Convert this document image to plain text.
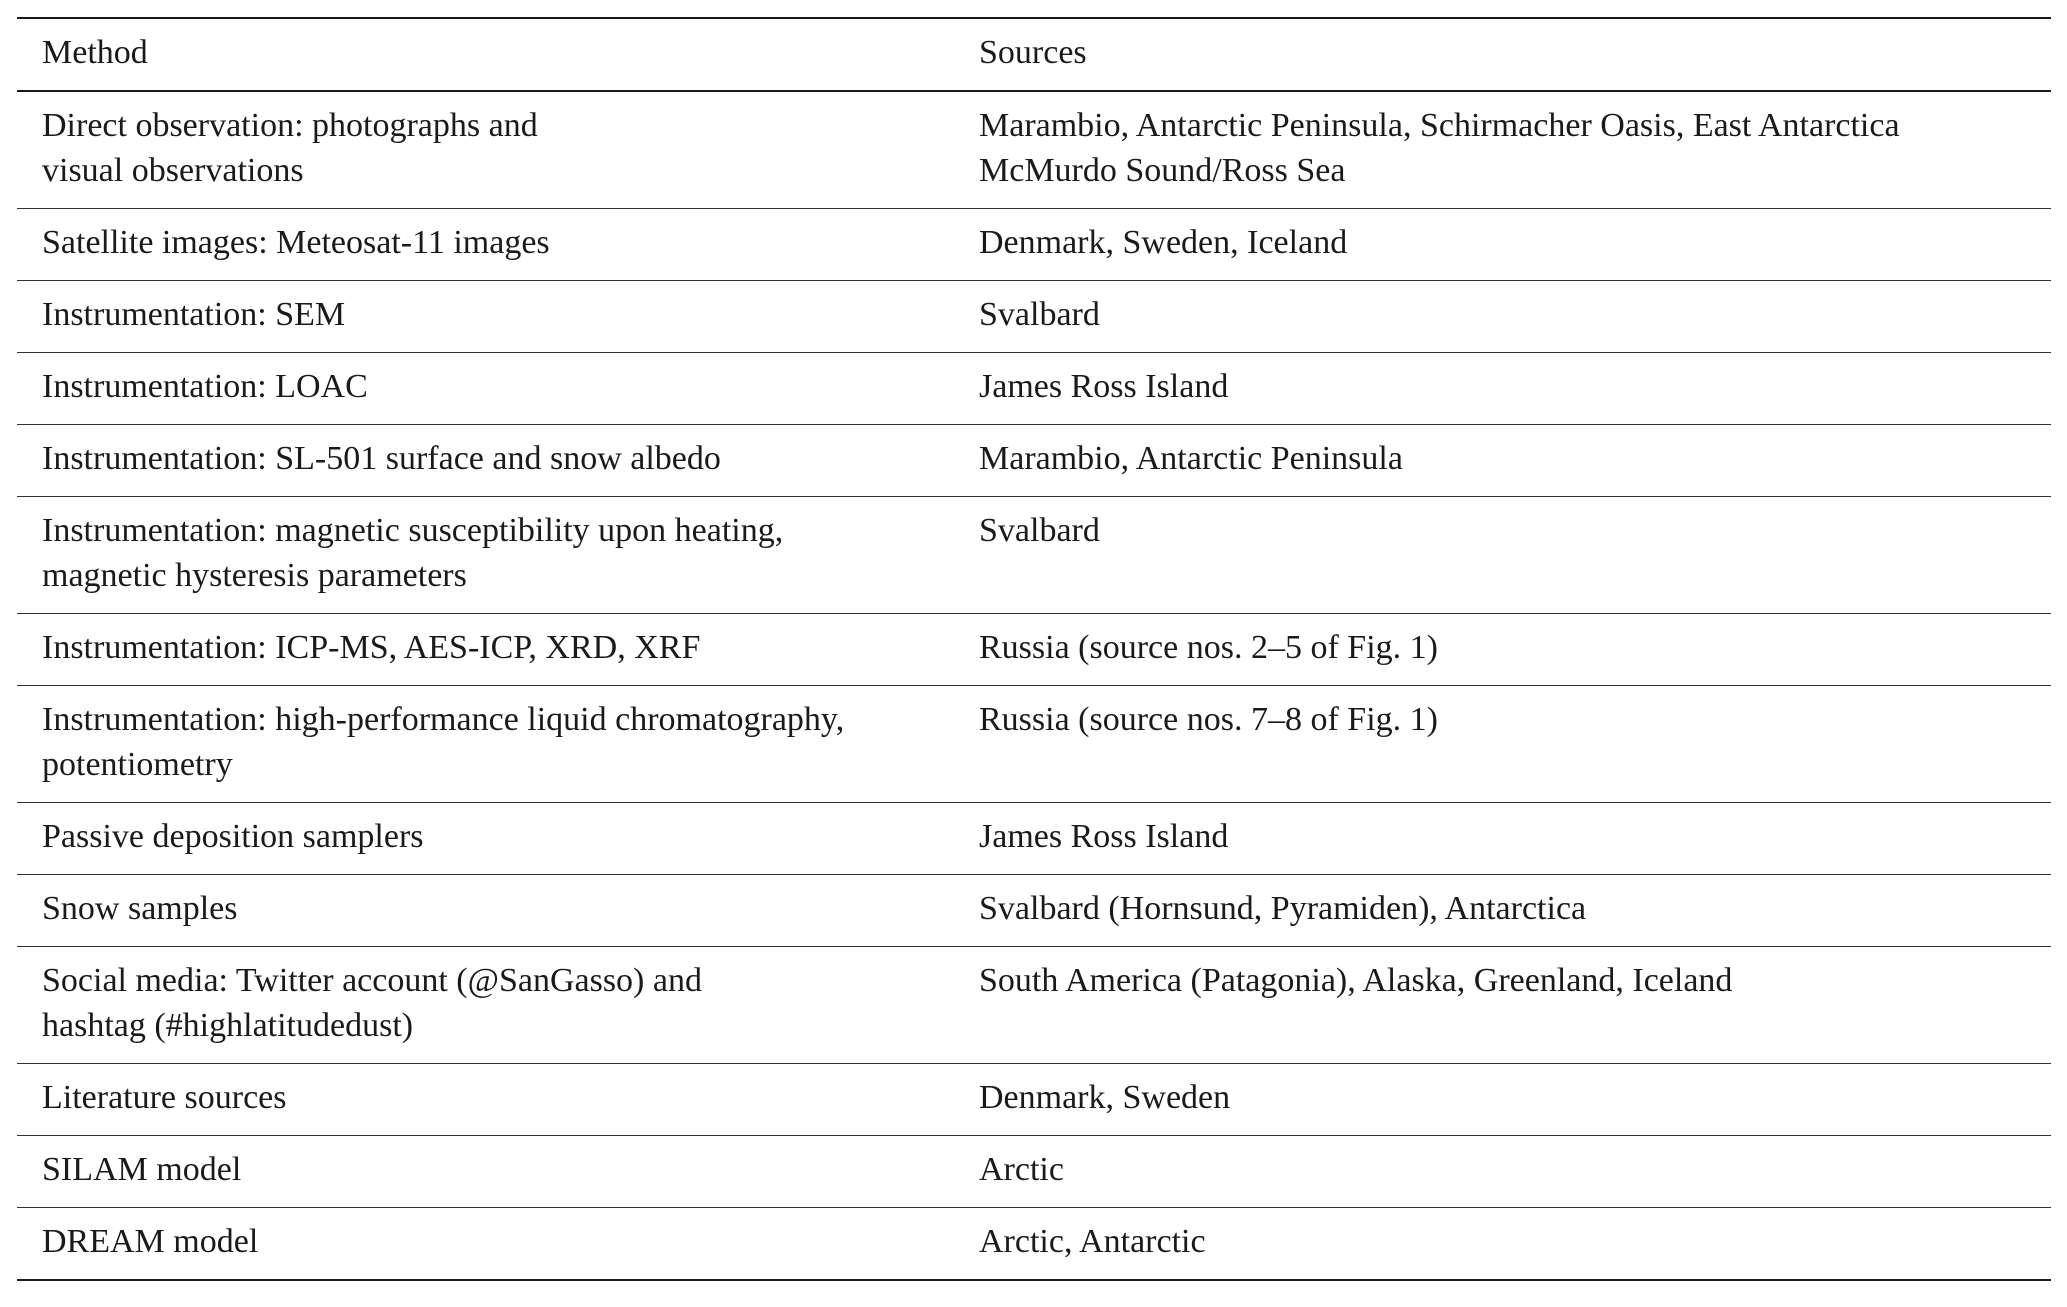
Method	Sources
Direct observation: photographs and
visual observations	Marambio, Antarctic Peninsula, Schirmacher Oasis, East Antarctica
McMurdo Sound/Ross Sea
Satellite images: Meteosat-11 images	Denmark, Sweden, Iceland
Instrumentation: SEM	Svalbard
Instrumentation: LOAC	James Ross Island
Instrumentation: SL-501 surface and snow albedo	Marambio, Antarctic Peninsula
Instrumentation: magnetic susceptibility upon heating,
magnetic hysteresis parameters	Svalbard
Instrumentation: ICP-MS, AES-ICP, XRD, XRF	Russia (source nos. 2–5 of Fig. 1)
Instrumentation: high-performance liquid chromatography,
potentiometry	Russia (source nos. 7–8 of Fig. 1)
Passive deposition samplers	James Ross Island
Snow samples	Svalbard (Hornsund, Pyramiden), Antarctica
Social media: Twitter account (@SanGasso) and
hashtag (#highlatitudedust)	South America (Patagonia), Alaska, Greenland, Iceland
Literature sources	Denmark, Sweden
SILAM model	Arctic
DREAM model	Arctic, Antarctic
